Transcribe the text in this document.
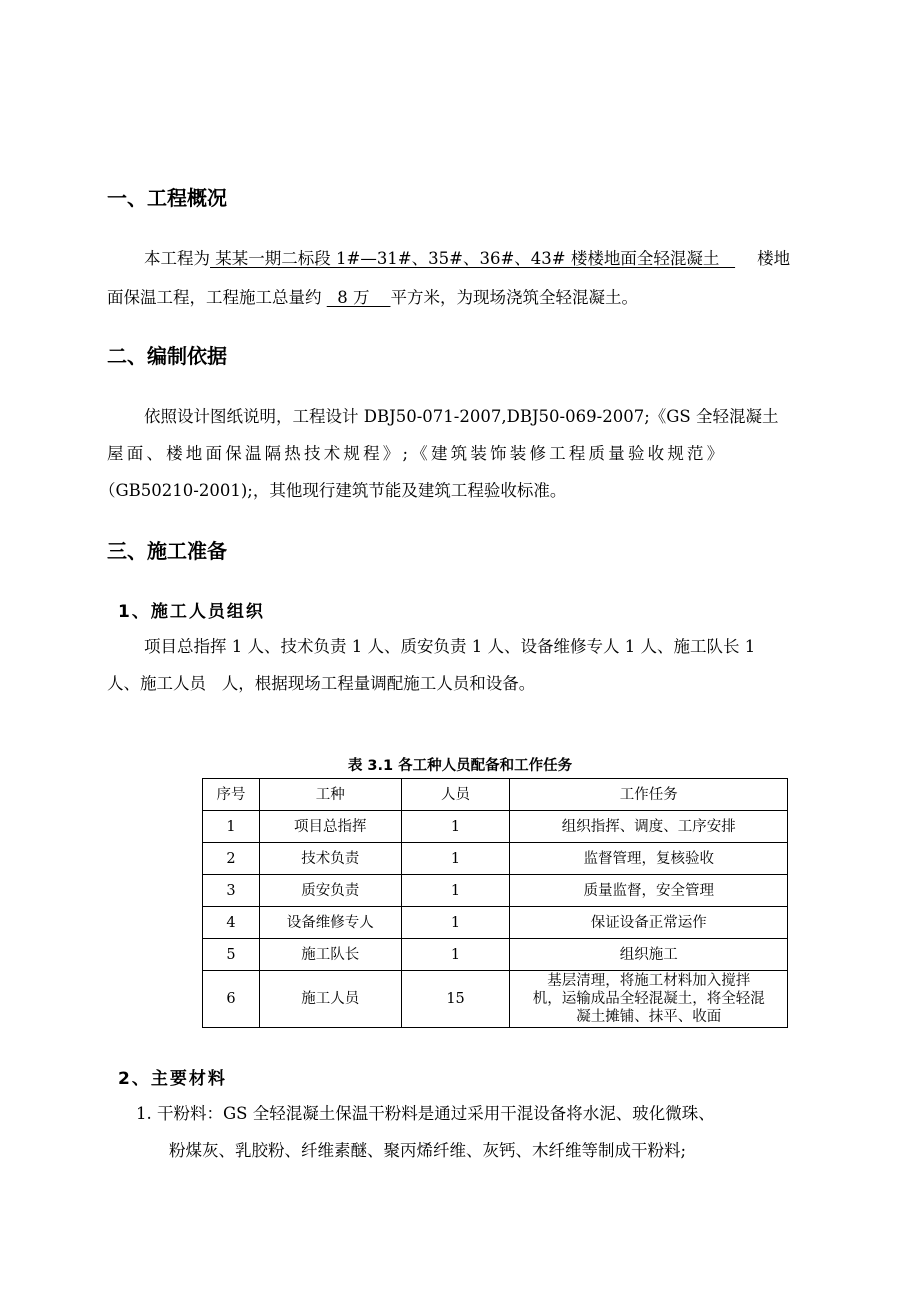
一、工程概况
本工程为 某某一期二标段 1#—31#、35#、36#、43# 楼楼地面全轻混凝土   楼地
面保温工程，工程施工总量约   8 万    平方米，为现场浇筑全轻混凝土。
二、编制依据
依照设计图纸说明，工程设计 DBJ50-071-2007,DBJ50-069-2007;《GS 全轻混凝土
屋面、楼地面保温隔热技术规程》;《建筑装饰装修工程质量验收规范》
（GB50210-2001);，其他现行建筑节能及建筑工程验收标准。
三、施工准备
1、施工人员组织
项目总指挥 1 人、技术负责 1 人、质安负责 1 人、设备维修专人 1 人、施工队长 1
人、施工人员   人，根据现场工程量调配施工人员和设备。
表 3.1 各工种人员配备和工作任务
序号	工种	人员	工作任务
1	项目总指挥	1	组织指挥、调度、工序安排
2	技术负责	1	监督管理，复核验收
3	质安负责	1	质量监督，安全管理
4	设备维修专人	1	保证设备正常运作
5	施工队长	1	组织施工
6	施工人员	15	基层清理，将施工材料加入搅拌
机，运输成品全轻混凝土，将全轻混
凝土摊铺、抹平、收面
2、主要材料
1. 干粉料：GS 全轻混凝土保温干粉料是通过采用干混设备将水泥、玻化微珠、
粉煤灰、乳胶粉、纤维素醚、聚丙烯纤维、灰钙、木纤维等制成干粉料;
